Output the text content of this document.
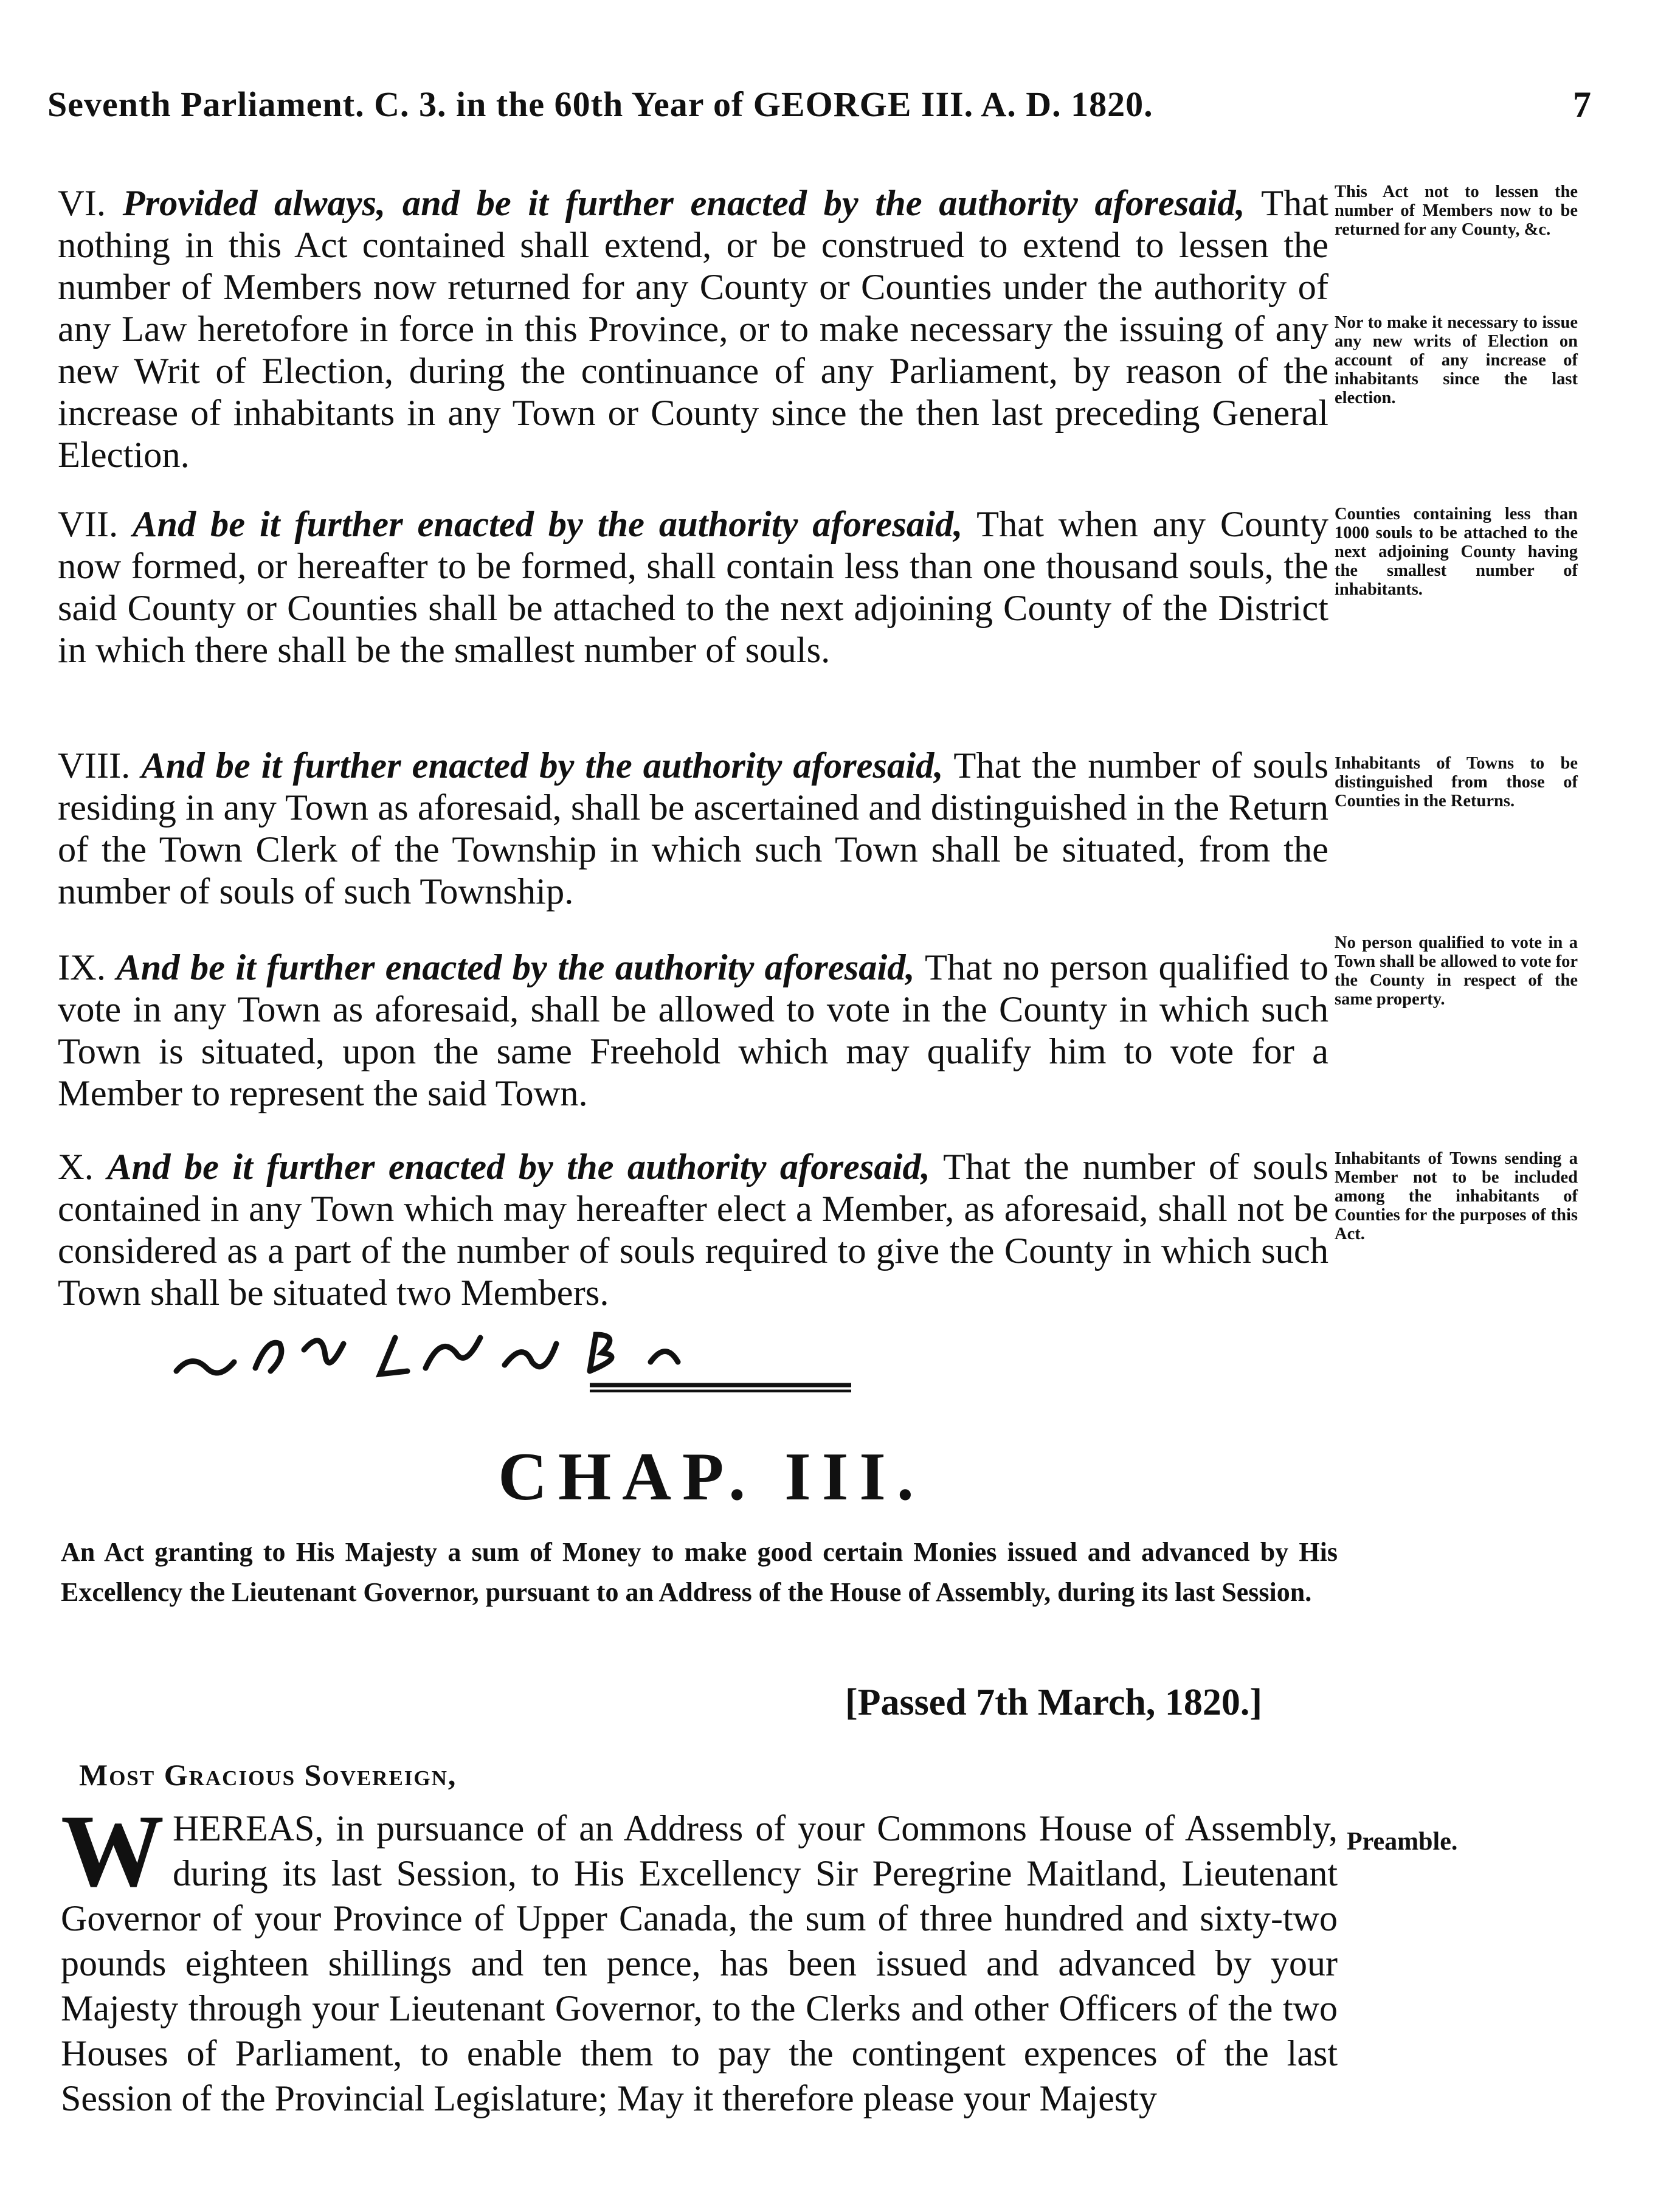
Seventh Parliament. C. 3. in the 60th Year of GEORGE III. A. D. 1820.	7
VI. Provided always, and be it further enacted by the authority aforesaid, That nothing in this Act contained shall extend, or be construed to extend to lessen the number of Members now returned for any County or Counties under the authority of any Law heretofore in force in this Province, or to make necessary the issuing of any new Writ of Election, during the continuance of any Parliament, by reason of the increase of inhabitants in any Town or County since the then last preceding General Election.
This Act not to lessen the number of Members now to be returned for any County, &c.
Nor to make it necessary to issue any new writs of Election on account of any increase of inhabitants since the last election.
VII. And be it further enacted by the authority aforesaid, That when any County now formed, or hereafter to be formed, shall contain less than one thousand souls, the said County or Counties shall be attached to the next adjoining County of the District in which there shall be the smallest number of souls.
Counties containing less than 1000 souls to be attached to the next adjoining County having the smallest number of inhabitants.
VIII. And be it further enacted by the authority aforesaid, That the number of souls residing in any Town as aforesaid, shall be ascertained and distinguished in the Return of the Town Clerk of the Township in which such Town shall be situated, from the number of souls of such Township.
Inhabitants of Towns to be distinguished from those of Counties in the Returns.
IX. And be it further enacted by the authority aforesaid, That no person qualified to vote in any Town as aforesaid, shall be allowed to vote in the County in which such Town is situated, upon the same Freehold which may qualify him to vote for a Member to represent the said Town.
No person qualified to vote in a Town shall be allowed to vote for the County in respect of the same property.
X. And be it further enacted by the authority aforesaid, That the number of souls contained in any Town which may hereafter elect a Member, as aforesaid, shall not be considered as a part of the number of souls required to give the County in which such Town shall be situated two Members.
Inhabitants of Towns sending a Member not to be included among the inhabitants of Counties for the purposes of this Act.
CHAP. III.
An Act granting to His Majesty a sum of Money to make good certain Monies issued and advanced by His Excellency the Lieutenant Governor, pursuant to an Address of the House of Assembly, during its last Session.
[Passed 7th March, 1820.]
Most Gracious Sovereign,
W HEREAS, in pursuance of an Address of your Commons House of Assembly, during its last Session, to His Excellency Sir Peregrine Maitland, Lieutenant Governor of your Province of Upper Canada, the sum of three hundred and sixty-two pounds eighteen shillings and ten pence, has been issued and advanced by your Majesty through your Lieutenant Governor, to the Clerks and other Officers of the two Houses of Parliament, to enable them to pay the contingent expences of the last Session of the Provincial Legislature; May it therefore please your Majesty
Preamble.
